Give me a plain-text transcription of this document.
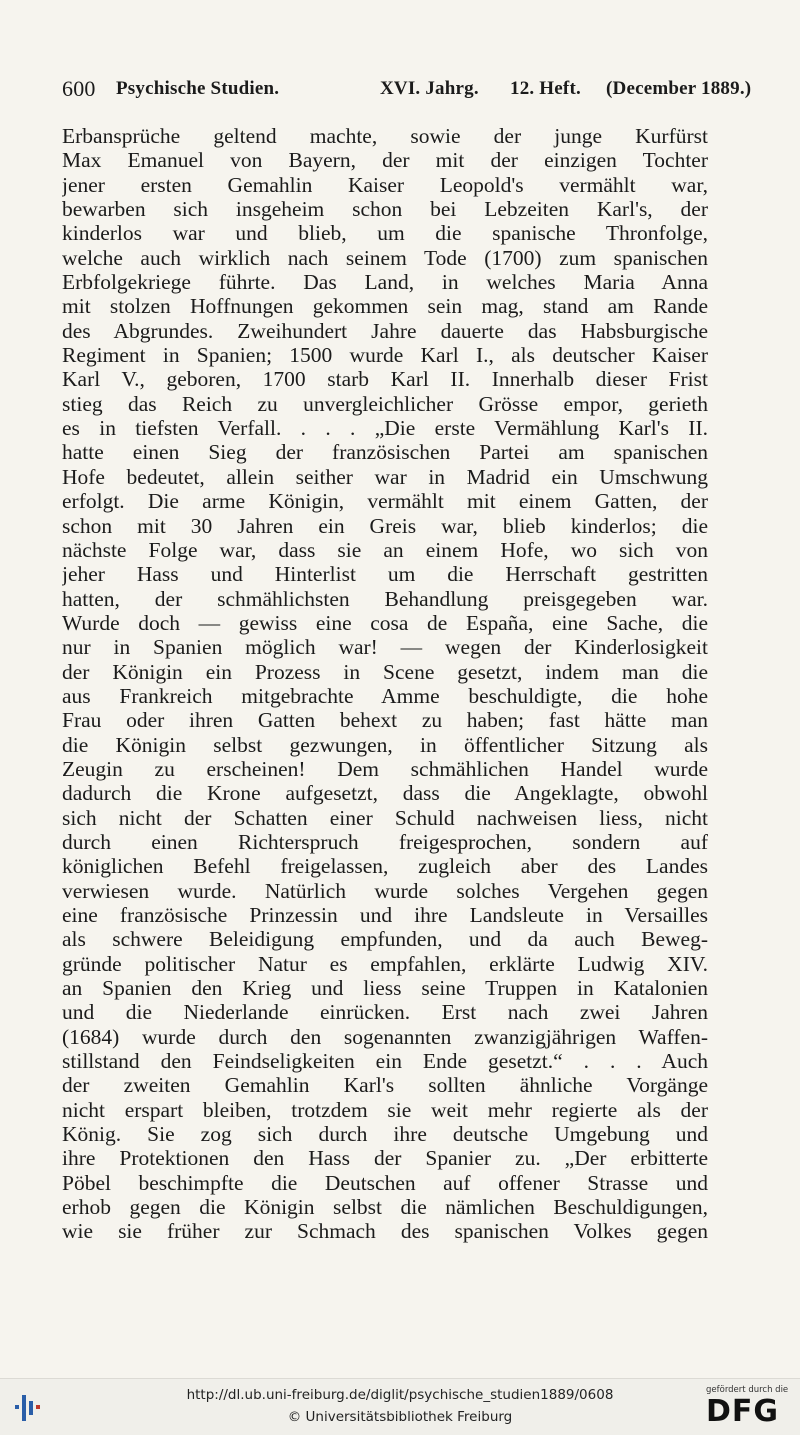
600 Psychische Studien.	XVI. Jahrg. 12. Heft. (December 1889.)
Erbansprüche geltend machte, sowie der junge Kurfürst
Max Emanuel von Bayern, der mit der einzigen Tochter
jener ersten Gemahlin Kaiser Leopold's vermählt war,
bewarben sich insgeheim schon bei Lebzeiten Karl's, der
kinderlos war und blieb, um die spanische Thronfolge,
welche auch wirklich nach seinem Tode (1700) zum spanischen
Erbfolgekriege führte. Das Land, in welches Maria Anna
mit stolzen Hoffnungen gekommen sein mag, stand am Rande
des Abgrundes. Zweihundert Jahre dauerte das Habsburgische
Regiment in Spanien; 1500 wurde Karl I., als deutscher Kaiser
Karl V., geboren, 1700 starb Karl II. Innerhalb dieser Frist
stieg das Reich zu unvergleichlicher Grösse empor, gerieth
es in tiefsten Verfall. . . . „Die erste Vermählung Karl's II.
hatte einen Sieg der französischen Partei am spanischen
Hofe bedeutet, allein seither war in Madrid ein Umschwung
erfolgt. Die arme Königin, vermählt mit einem Gatten, der
schon mit 30 Jahren ein Greis war, blieb kinderlos; die
nächste Folge war, dass sie an einem Hofe, wo sich von
jeher Hass und Hinterlist um die Herrschaft gestritten
hatten, der schmählichsten Behandlung preisgegeben war.
Wurde doch — gewiss eine cosa de España, eine Sache, die
nur in Spanien möglich war! — wegen der Kinderlosigkeit
der Königin ein Prozess in Scene gesetzt, indem man die
aus Frankreich mitgebrachte Amme beschuldigte, die hohe
Frau oder ihren Gatten behext zu haben; fast hätte man
die Königin selbst gezwungen, in öffentlicher Sitzung als
Zeugin zu erscheinen! Dem schmählichen Handel wurde
dadurch die Krone aufgesetzt, dass die Angeklagte, obwohl
sich nicht der Schatten einer Schuld nachweisen liess, nicht
durch einen Richterspruch freigesprochen, sondern auf
königlichen Befehl freigelassen, zugleich aber des Landes
verwiesen wurde. Natürlich wurde solches Vergehen gegen
eine französische Prinzessin und ihre Landsleute in Versailles
als schwere Beleidigung empfunden, und da auch Beweg-
gründe politischer Natur es empfahlen, erklärte Ludwig XIV.
an Spanien den Krieg und liess seine Truppen in Katalonien
und die Niederlande einrücken. Erst nach zwei Jahren
(1684) wurde durch den sogenannten zwanzigjährigen Waffen-
stillstand den Feindseligkeiten ein Ende gesetzt.“ . . . Auch
der zweiten Gemahlin Karl's sollten ähnliche Vorgänge
nicht erspart bleiben, trotzdem sie weit mehr regierte als der
König. Sie zog sich durch ihre deutsche Umgebung und
ihre Protektionen den Hass der Spanier zu. „Der erbitterte
Pöbel beschimpfte die Deutschen auf offener Strasse und
erhob gegen die Königin selbst die nämlichen Beschuldigungen,
wie sie früher zur Schmach des spanischen Volkes gegen
http://dl.ub.uni-freiburg.de/diglit/psychische_studien1889/0608
© Universitätsbibliothek Freiburg
gefördert durch die
DFG
